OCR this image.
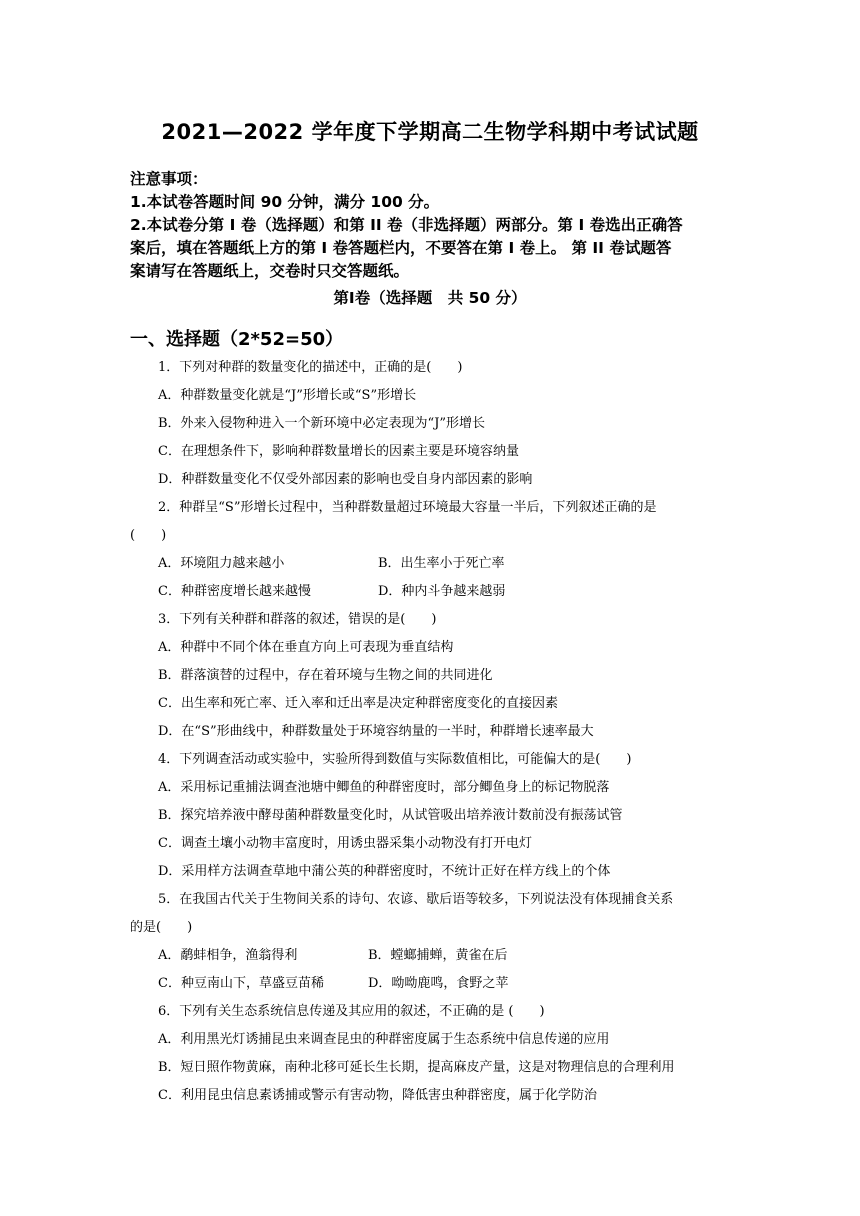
2021—2022 学年度下学期高二生物学科期中考试试题
注意事项：
1.本试卷答题时间 90 分钟，满分 100 分。
2.本试卷分第 I 卷（选择题）和第 II 卷（非选择题）两部分。第 I 卷选出正确答
案后，填在答题纸上方的第 I 卷答题栏内，不要答在第 I 卷上。 第 II 卷试题答
案请写在答题纸上，交卷时只交答题纸。
第Ⅰ卷（选择题　共 50 分）
一、选择题（2*52=50）
1．下列对种群的数量变化的描述中，正确的是(　　)
A．种群数量变化就是“J”形增长或“S”形增长
B．外来入侵物种进入一个新环境中必定表现为“J”形增长
C．在理想条件下，影响种群数量增长的因素主要是环境容纳量
D．种群数量变化不仅受外部因素的影响也受自身内部因素的影响
2．种群呈“S”形增长过程中，当种群数量超过环境最大容量一半后，下列叙述正确的是
(　　)
A．环境阻力越来越小	B．出生率小于死亡率
C．种群密度增长越来越慢	D．种内斗争越来越弱
3．下列有关种群和群落的叙述，错误的是(　　)
A．种群中不同个体在垂直方向上可表现为垂直结构
B．群落演替的过程中，存在着环境与生物之间的共同进化
C．出生率和死亡率、迁入率和迁出率是决定种群密度变化的直接因素
D．在“S”形曲线中，种群数量处于环境容纳量的一半时，种群增长速率最大
4．下列调查活动或实验中，实验所得到数值与实际数值相比，可能偏大的是(　　)
A．采用标记重捕法调查池塘中鲫鱼的种群密度时，部分鲫鱼身上的标记物脱落
B．探究培养液中酵母菌种群数量变化时，从试管吸出培养液计数前没有振荡试管
C．调查土壤小动物丰富度时，用诱虫器采集小动物没有打开电灯
D．采用样方法调查草地中蒲公英的种群密度时，不统计正好在样方线上的个体
5．在我国古代关于生物间关系的诗句、农谚、歇后语等较多，下列说法没有体现捕食关系
的是(　　)
A．鹬蚌相争，渔翁得利	B．螳螂捕蝉，黄雀在后
C．种豆南山下，草盛豆苗稀	D．呦呦鹿鸣，食野之苹
6．下列有关生态系统信息传递及其应用的叙述，不正确的是 (　　)
A．利用黑光灯诱捕昆虫来调查昆虫的种群密度属于生态系统中信息传递的应用
B．短日照作物黄麻，南种北移可延长生长期，提高麻皮产量，这是对物理信息的合理利用
C．利用昆虫信息素诱捕或警示有害动物，降低害虫种群密度，属于化学防治
